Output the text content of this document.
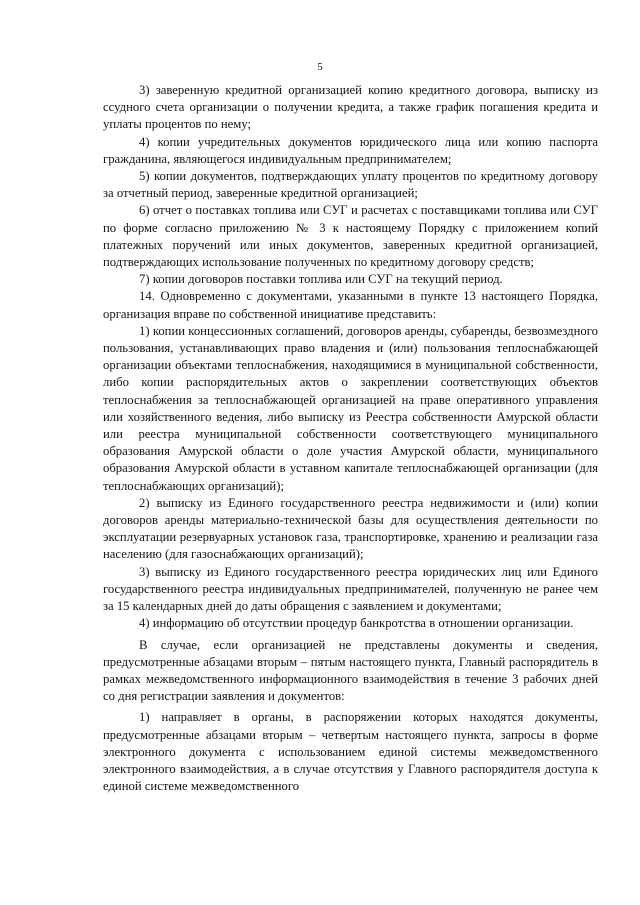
5

3) заверенную кредитной организацией копию кредитного договора, выписку из ссудного счета организации о получении кредита, а также график погашения кредита и уплаты процентов по нему;

4) копии учредительных документов юридического лица или копию паспорта гражданина, являющегося индивидуальным предпринимателем;

5) копии документов, подтверждающих уплату процентов по кредитному договору за отчетный период, заверенные кредитной организацией;

6) отчет о поставках топлива или СУГ и расчетах с поставщиками топлива или СУГ по форме согласно приложению № 3 к настоящему Порядку с приложением копий платежных поручений или иных документов, заверенных кредитной организацией, подтверждающих использование полученных по кредитному договору средств;

7) копии договоров поставки топлива или СУГ на текущий период.

14. Одновременно с документами, указанными в пункте 13 настоящего Порядка, организация вправе по собственной инициативе представить:

1) копии концессионных соглашений, договоров аренды, субаренды, безвозмездного пользования, устанавливающих право владения и (или) пользования теплоснабжающей организации объектами теплоснабжения, находящимися в муниципальной собственности, либо копии распорядительных актов о закреплении соответствующих объектов теплоснабжения за теплоснабжающей организацией на праве оперативного управления или хозяйственного ведения, либо выписку из Реестра собственности Амурской области или реестра муниципальной собственности соответствующего муниципального образования Амурской области о доле участия Амурской области, муниципального образования Амурской области в уставном капитале теплоснабжающей организации (для теплоснабжающих организаций);

2) выписку из Единого государственного реестра недвижимости и (или) копии договоров аренды материально-технической базы для осуществления деятельности по эксплуатации резервуарных установок газа, транспортировке, хранению и реализации газа населению (для газоснабжающих организаций);

3) выписку из Единого государственного реестра юридических лиц или Единого государственного реестра индивидуальных предпринимателей, полученную не ранее чем за 15 календарных дней до даты обращения с заявлением и документами;

4) информацию об отсутствии процедур банкротства в отношении организации.

В случае, если организацией не представлены документы и сведения, предусмотренные абзацами вторым – пятым настоящего пункта, Главный распорядитель в рамках межведомственного информационного взаимодействия в течение 3 рабочих дней со дня регистрации заявления и документов:

1) направляет в органы, в распоряжении которых находятся документы, предусмотренные абзацами вторым – четвертым настоящего пункта, запросы в форме электронного документа с использованием единой системы межведомственного электронного взаимодействия, а в случае отсутствия у Главного распорядителя доступа к единой системе межведомственного
